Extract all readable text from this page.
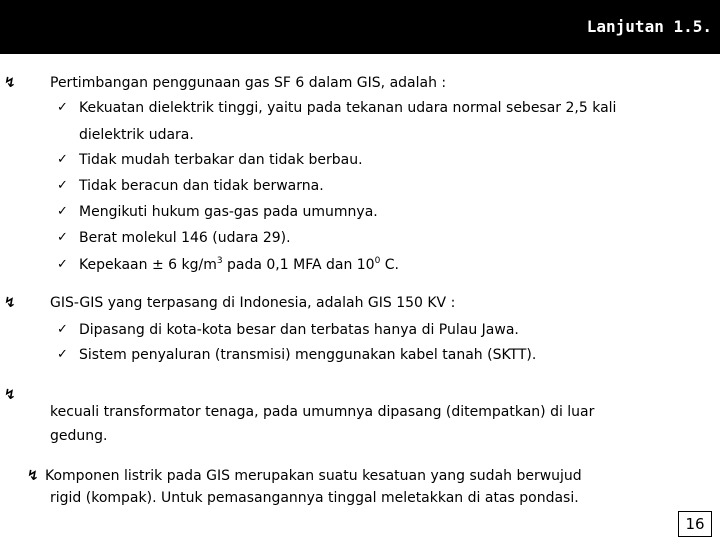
Lanjutan 1.5.
↯ Pertimbangan penggunaan gas SF 6 dalam GIS, adalah :
✓ Kekuatan dielektrik tinggi, yaitu pada tekanan udara normal sebesar 2,5 kali
dielektrik udara.
✓ Tidak mudah terbakar dan tidak berbau.
✓ Tidak beracun dan tidak berwarna.
✓ Mengikuti hukum gas-gas pada umumnya.
✓ Berat molekul 146 (udara 29).
✓ Kepekaan ± 6 $kg/m^3$ pada 0,1 MFA dan $10^0$ C.
↯ GIS-GIS yang terpasang di Indonesia, adalah GIS 150 KV :
✓ Dipasang di kota-kota besar dan terbatas hanya di Pulau Jawa.
✓ Sistem penyaluran (transmisi) menggunakan kabel tanah (SKTT).
↯
kecuali transformator tenaga, pada umumnya dipasang (ditempatkan) di luar
gedung.
↯ Komponen listrik pada GIS merupakan suatu kesatuan yang sudah berwujud
rigid (kompak). Untuk pemasangannya tinggal meletakkan di atas pondasi.
16
